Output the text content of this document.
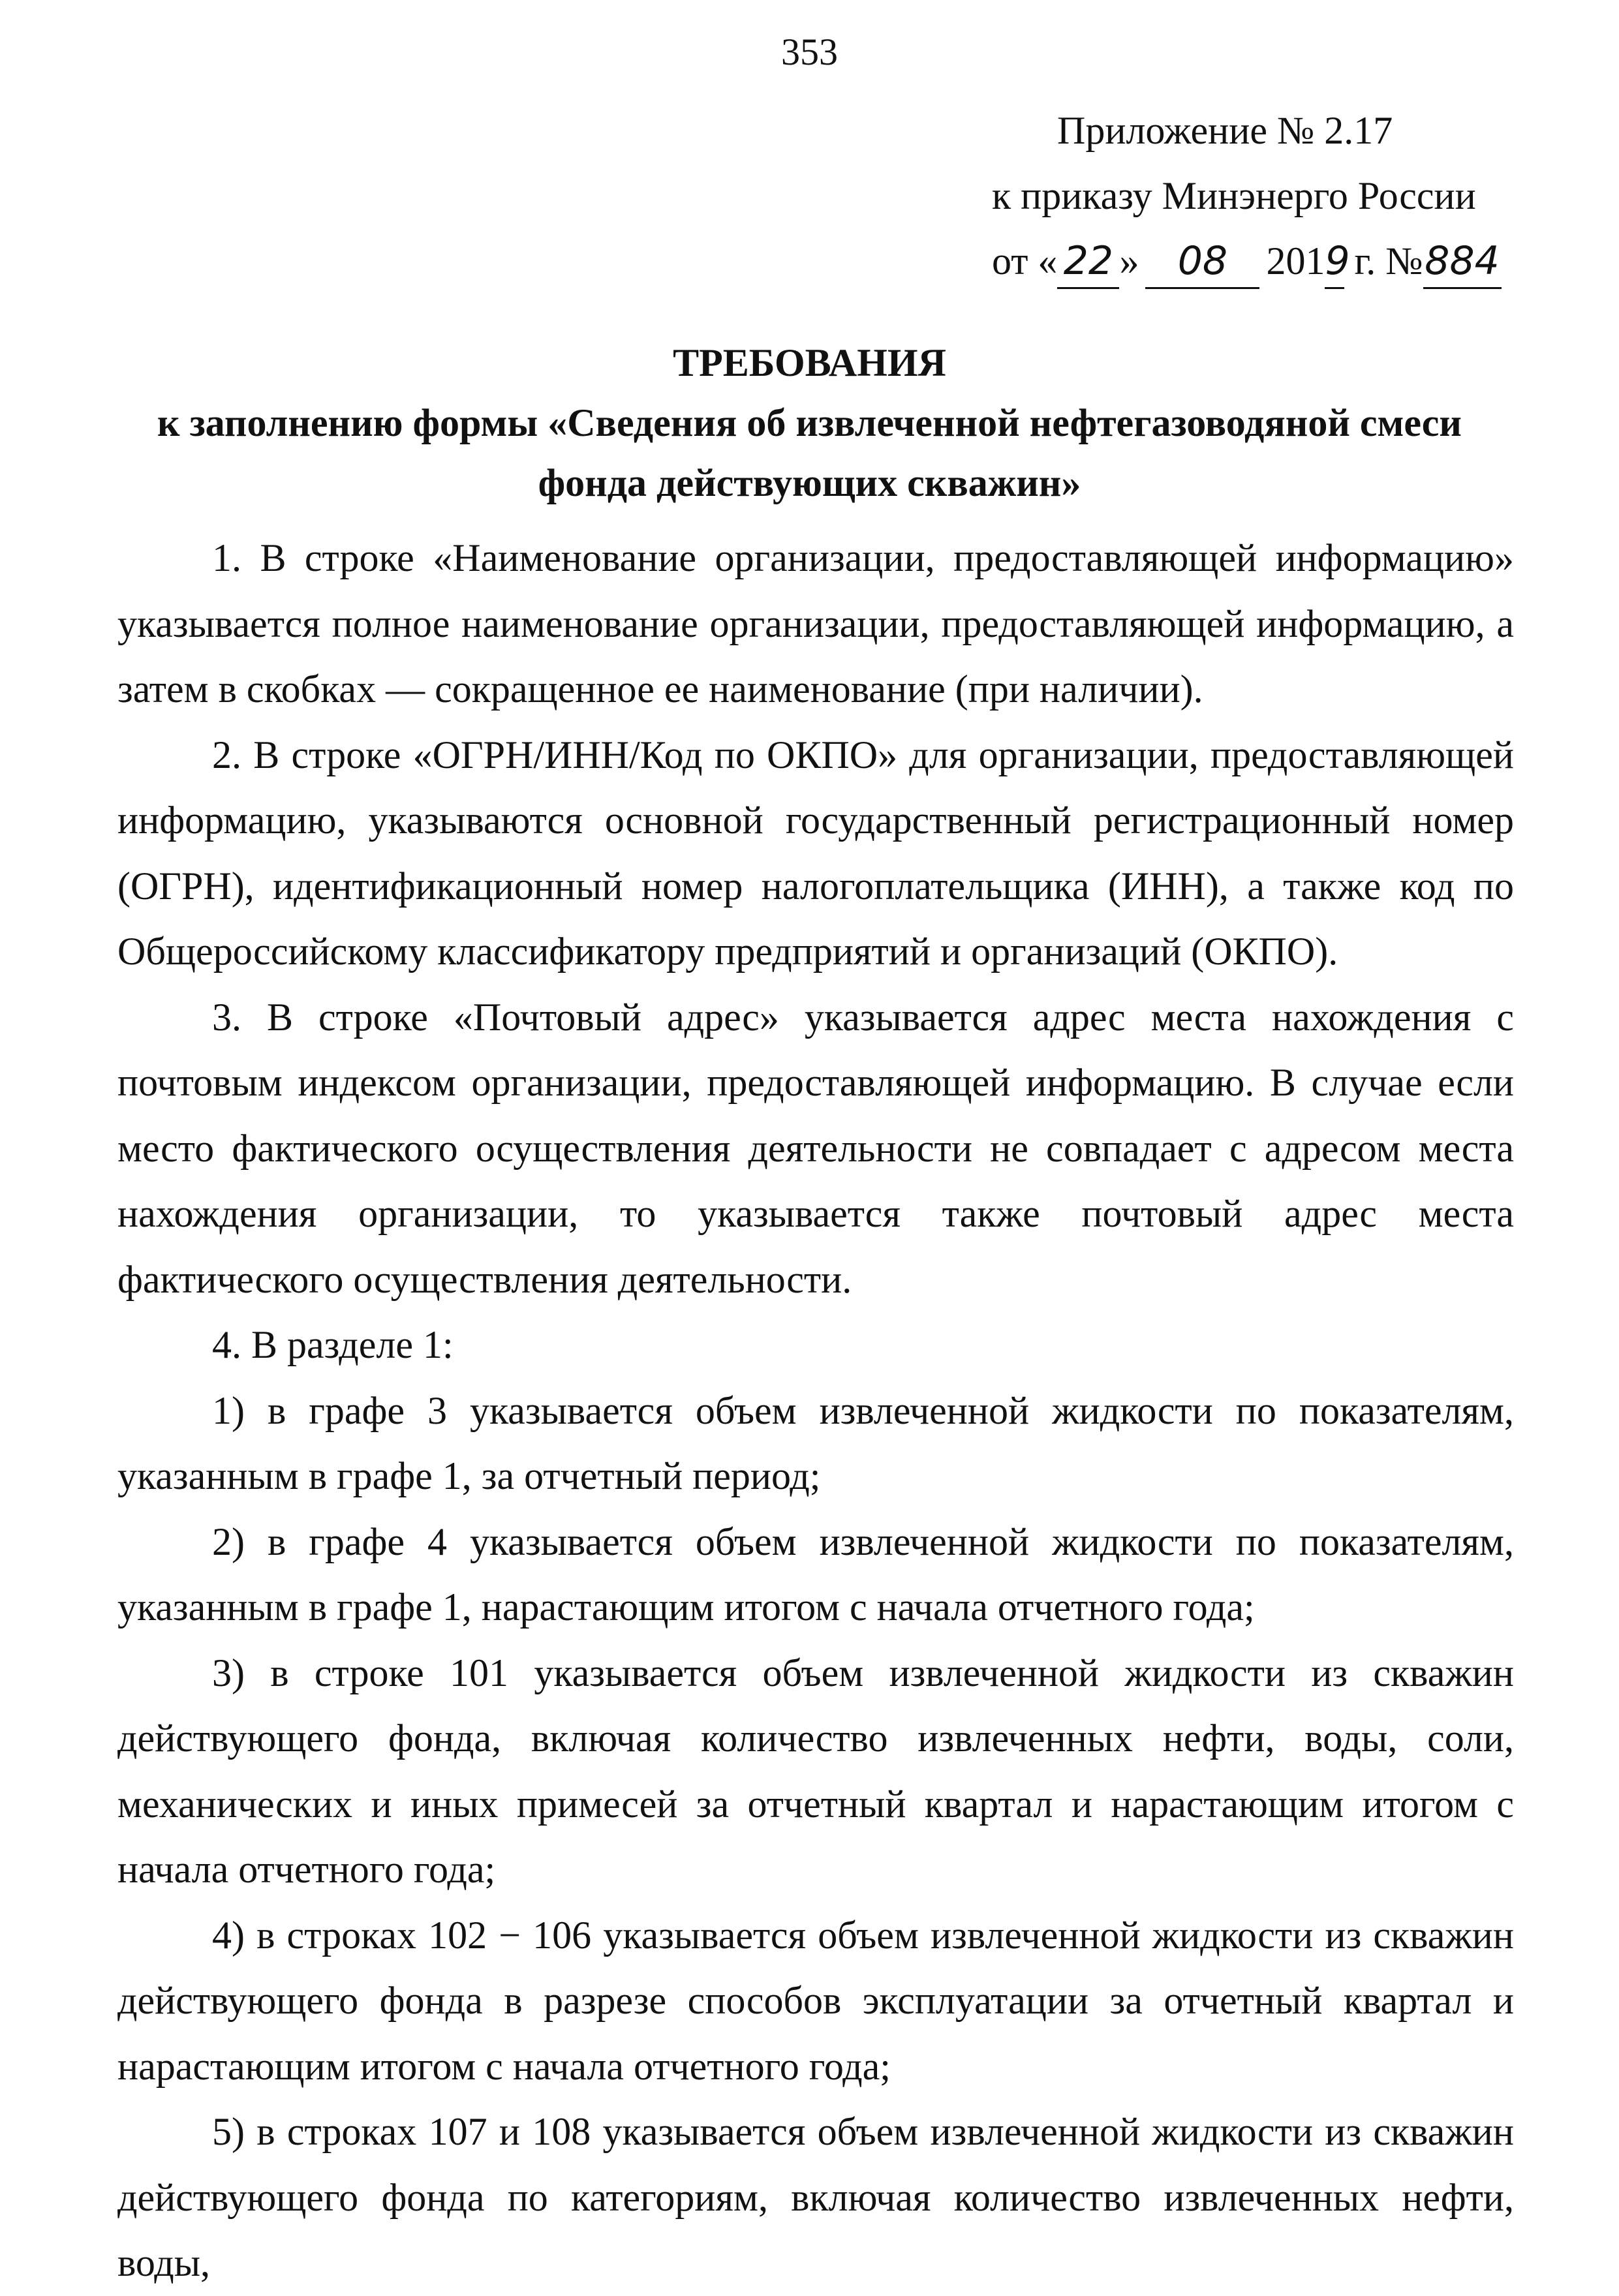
353
Приложение № 2.17
к приказу Минэнерго России
от « 22 » 08 2019 г. №884
ТРЕБОВАНИЯ
к заполнению формы «Сведения об извлеченной нефтегазоводяной смеси
фонда действующих скважин»

1. В строке «Наименование организации, предоставляющей информацию» указывается полное наименование организации, предоставляющей информацию, а затем в скобках — сокращенное ее наименование (при наличии).

2. В строке «ОГРН/ИНН/Код по ОКПО» для организации, предоставляющей информацию, указываются основной государственный регистрационный номер (ОГРН), идентификационный номер налогоплательщика (ИНН), а также код по Общероссийскому классификатору предприятий и организаций (ОКПО).

3. В строке «Почтовый адрес» указывается адрес места нахождения с почтовым индексом организации, предоставляющей информацию. В случае если место фактического осуществления деятельности не совпадает с адресом места нахождения организации, то указывается также почтовый адрес места фактического осуществления деятельности.

4. В разделе 1:

1) в графе 3 указывается объем извлеченной жидкости по показателям, указанным в графе 1, за отчетный период;

2) в графе 4 указывается объем извлеченной жидкости по показателям, указанным в графе 1, нарастающим итогом с начала отчетного года;

3) в строке 101 указывается объем извлеченной жидкости из скважин действующего фонда, включая количество извлеченных нефти, воды, соли, механических и иных примесей за отчетный квартал и нарастающим итогом с начала отчетного года;

4) в строках 102 − 106 указывается объем извлеченной жидкости из скважин действующего фонда в разрезе способов эксплуатации за отчетный квартал и нарастающим итогом с начала отчетного года;

5) в строках 107 и 108 указывается объем извлеченной жидкости из скважин действующего фонда по категориям, включая количество извлеченных нефти, воды,
